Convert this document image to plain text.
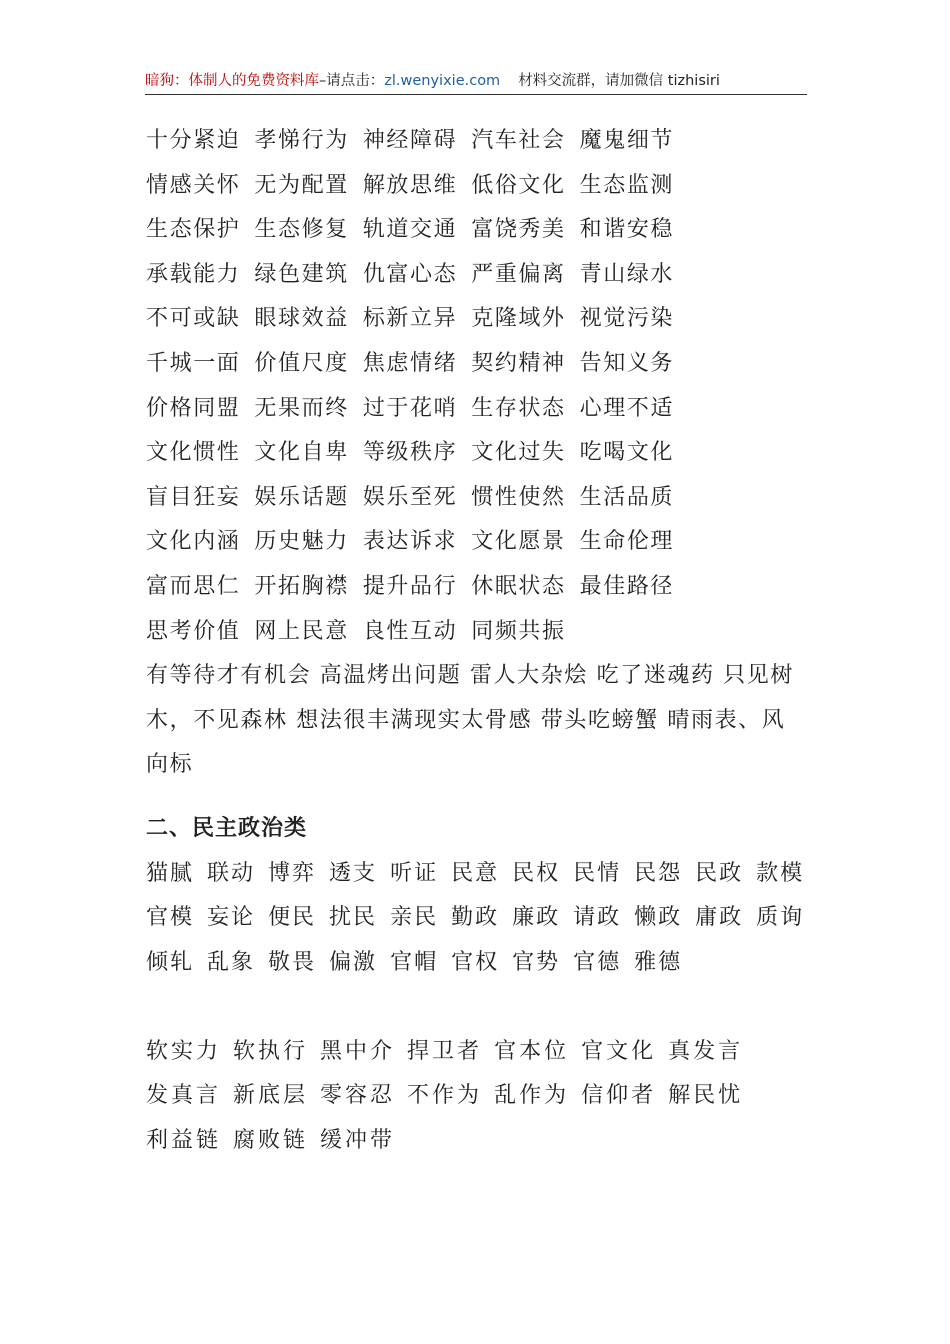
暗狗：体制人的免费资料库–请点击：zl.wenyixie.com 材料交流群，请加微信 tizhisiri
十分紧迫 孝悌行为 神经障碍 汽车社会 魔鬼细节
情感关怀 无为配置 解放思维 低俗文化 生态监测
生态保护 生态修复 轨道交通 富饶秀美 和谐安稳
承载能力 绿色建筑 仇富心态 严重偏离 青山绿水
不可或缺 眼球效益 标新立异 克隆域外 视觉污染
千城一面 价值尺度 焦虑情绪 契约精神 告知义务
价格同盟 无果而终 过于花哨 生存状态 心理不适
文化惯性 文化自卑 等级秩序 文化过失 吃喝文化
盲目狂妄 娱乐话题 娱乐至死 惯性使然 生活品质
文化内涵 历史魅力 表达诉求 文化愿景 生命伦理
富而思仁 开拓胸襟 提升品行 休眠状态 最佳路径
思考价值 网上民意 良性互动 同频共振
有等待才有机会 高温烤出问题 雷人大杂烩 吃了迷魂药 只见树木，不见森林 想法很丰满现实太骨感 带头吃螃蟹 晴雨表、风向标
二、民主政治类
猫腻 联动 博弈 透支 听证 民意 民权 民情 民怨 民政 款模
官模 妄论 便民 扰民 亲民 勤政 廉政 请政 懒政 庸政 质询
倾轧 乱象 敬畏 偏激 官帽 官权 官势 官德 雅德
软实力 软执行 黑中介 捍卫者 官本位 官文化 真发言
发真言 新底层 零容忍 不作为 乱作为 信仰者 解民忧
利益链 腐败链 缓冲带
